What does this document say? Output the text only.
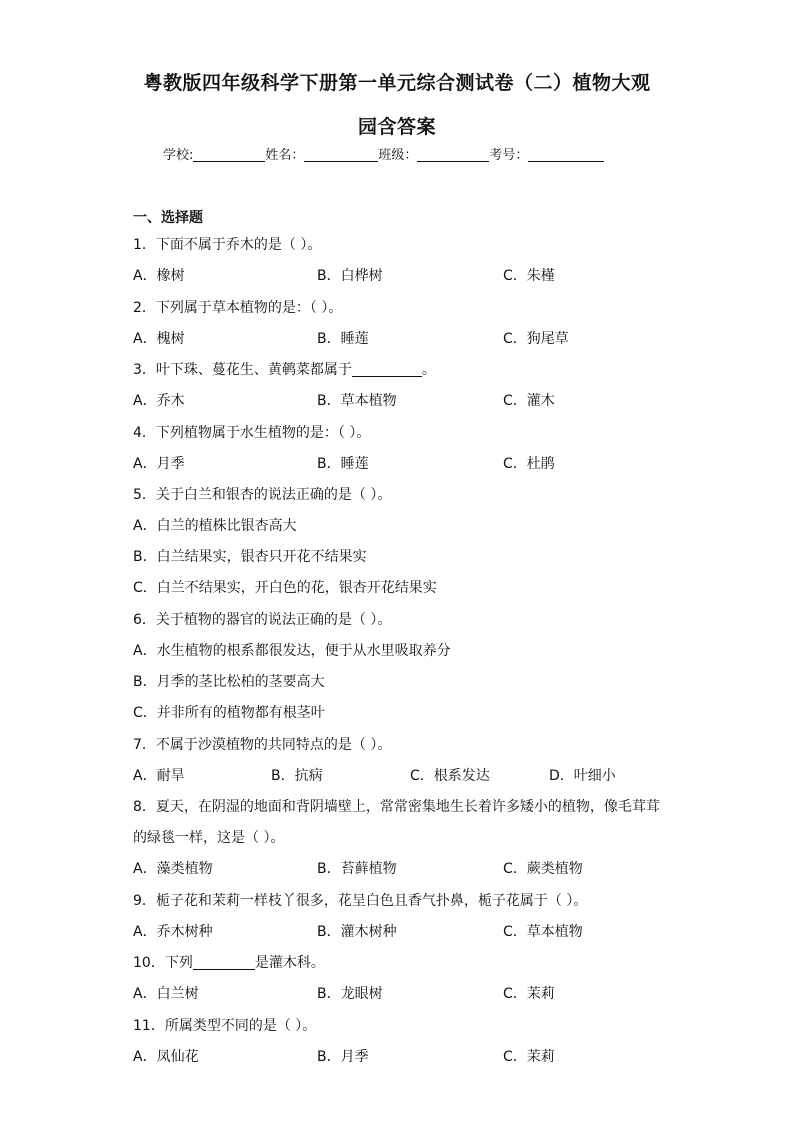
粤教版四年级科学下册第一单元综合测试卷（二）植物大观
园含答案
学校:	姓名：	班级：	考号：
一、选择题
1．下面不属于乔木的是（ ）。
A．橡树	B．白桦树	C．朱槿
2．下列属于草本植物的是：（ ）。
A．槐树	B．睡莲	C．狗尾草
3．叶下珠、蔓花生、黄鹌菜都属于	。
A．乔木	B．草本植物	C．灌木
4．下列植物属于水生植物的是：（ ）。
A．月季	B．睡莲	C．杜鹃
5．关于白兰和银杏的说法正确的是（ ）。
A．白兰的植株比银杏高大
B．白兰结果实，银杏只开花不结果实
C．白兰不结果实，开白色的花，银杏开花结果实
6．关于植物的器官的说法正确的是（ ）。
A．水生植物的根系都很发达，便于从水里吸取养分
B．月季的茎比松柏的茎要高大
C．并非所有的植物都有根茎叶
7．不属于沙漠植物的共同特点的是（ ）。
A．耐旱	B．抗病	C．根系发达	D．叶细小
8．夏天，在阴湿的地面和背阴墙壁上，常常密集地生长着许多矮小的植物，像毛茸茸
的绿毯一样，这是（ ）。
A．藻类植物	B．苔藓植物	C．蕨类植物
9．栀子花和茉莉一样枝丫很多，花呈白色且香气扑鼻，栀子花属于（ ）。
A．乔木树种	B．灌木树种	C．草本植物
10．下列	是灌木科。
A．白兰树	B．龙眼树	C．茉莉
11．所属类型不同的是（ ）。
A．凤仙花	B．月季	C．茉莉
